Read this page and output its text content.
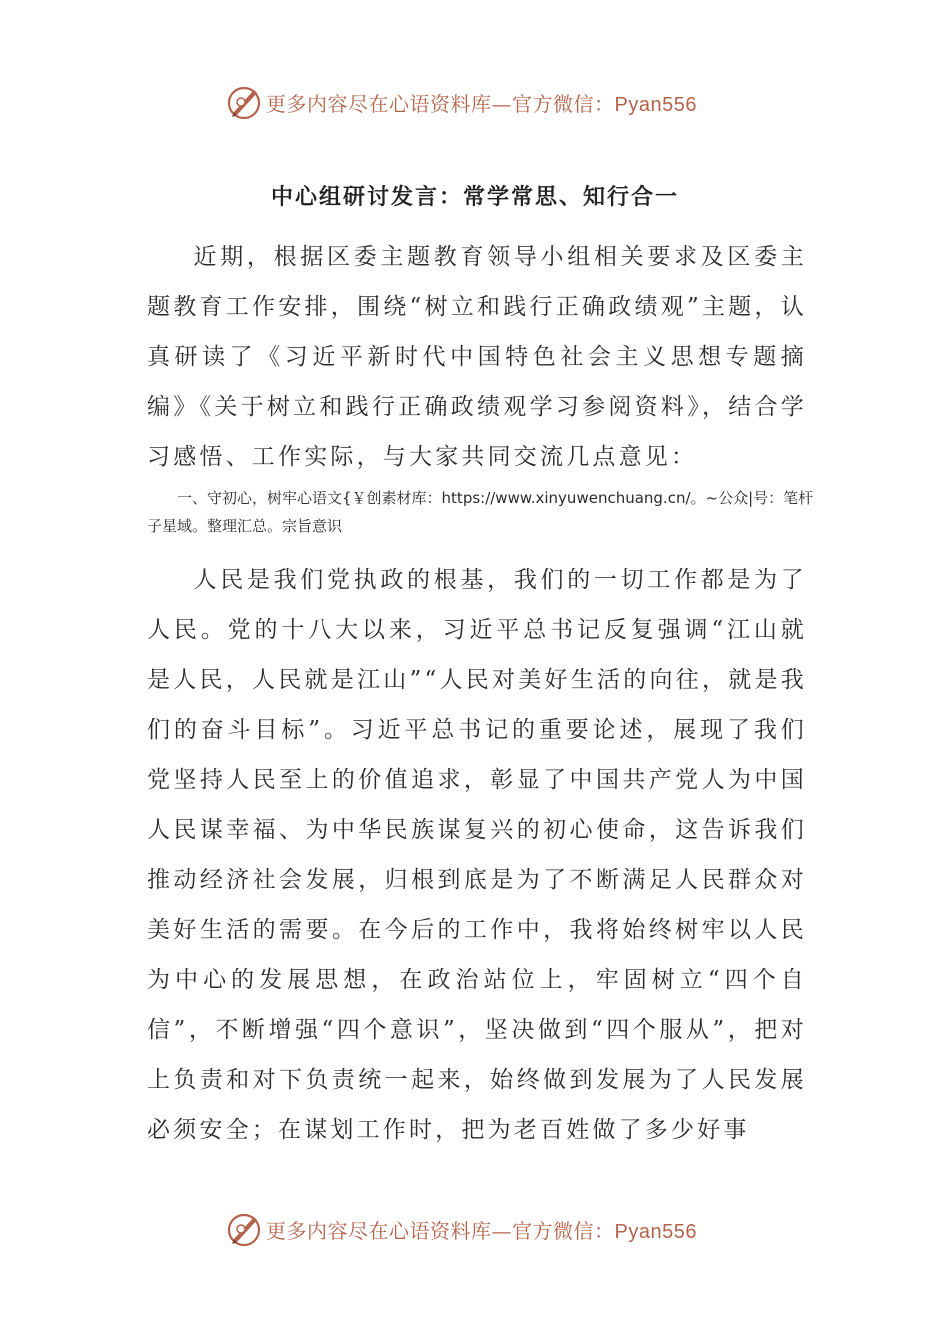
更多内容尽在心语资料库—官方微信：Pyan556
中心组研讨发言：常学常思、知行合一
近期，根据区委主题教育领导小组相关要求及区委主题教育工作安排，围绕“树立和践行正确政绩观”主题，认真研读了《习近平新时代中国特色社会主义思想专题摘编》《关于树立和践行正确政绩观学习参阅资料》，结合学习感悟、工作实际，与大家共同交流几点意见：
一、守初心，树牢心语文{￥创素材库：https://www.xinyuwenchuang.cn/。~公众|号：笔杆子星域。整理汇总。宗旨意识
人民是我们党执政的根基，我们的一切工作都是为了人民。党的十八大以来，习近平总书记反复强调“江山就是人民，人民就是江山”“人民对美好生活的向往，就是我们的奋斗目标”。习近平总书记的重要论述，展现了我们党坚持人民至上的价值追求，彰显了中国共产党人为中国人民谋幸福、为中华民族谋复兴的初心使命，这告诉我们推动经济社会发展，归根到底是为了不断满足人民群众对美好生活的需要。在今后的工作中，我将始终树牢以人民为中心的发展思想，在政治站位上，牢固树立“四个自信”，不断增强“四个意识”，坚决做到“四个服从”，把对上负责和对下负责统一起来，始终做到发展为了人民发展必须安全；在谋划工作时，把为老百姓做了多少好事
更多内容尽在心语资料库—官方微信：Pyan556
